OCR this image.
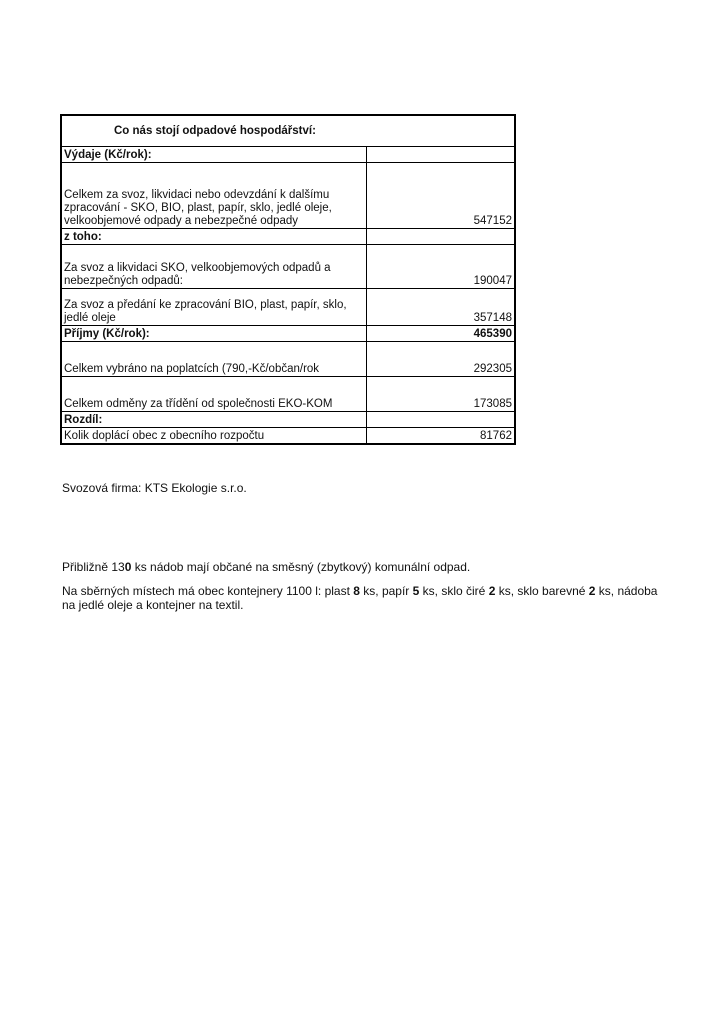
Co nás stojí odpadové hospodářství:	
Výdaje (Kč/rok):	
Celkem za svoz, likvidaci nebo odevzdání k dalšímu zpracování - SKO, BIO, plast, papír, sklo, jedlé oleje, velkoobjemové odpady a nebezpečné odpady	547152
z toho:	
Za svoz a likvidaci SKO, velkoobjemových odpadů a nebezpečných odpadů:	190047
Za svoz a předání ke zpracování BIO, plast, papír, sklo, jedlé oleje	357148
Příjmy (Kč/rok):	465390
Celkem vybráno na poplatcích (790,-Kč/občan/rok	292305
Celkem odměny za třídění od společnosti EKO-KOM	173085
Rozdíl:	
Kolik doplácí obec z obecního rozpočtu	81762
Svozová firma: KTS Ekologie s.r.o.
Přibližně 130 ks nádob mají občané na směsný (zbytkový) komunální odpad.
Na sběrných místech má obec kontejnery 1100 l: plast 8 ks, papír 5 ks, sklo čiré 2 ks, sklo barevné 2 ks, nádoba na jedlé oleje a kontejner na textil.
